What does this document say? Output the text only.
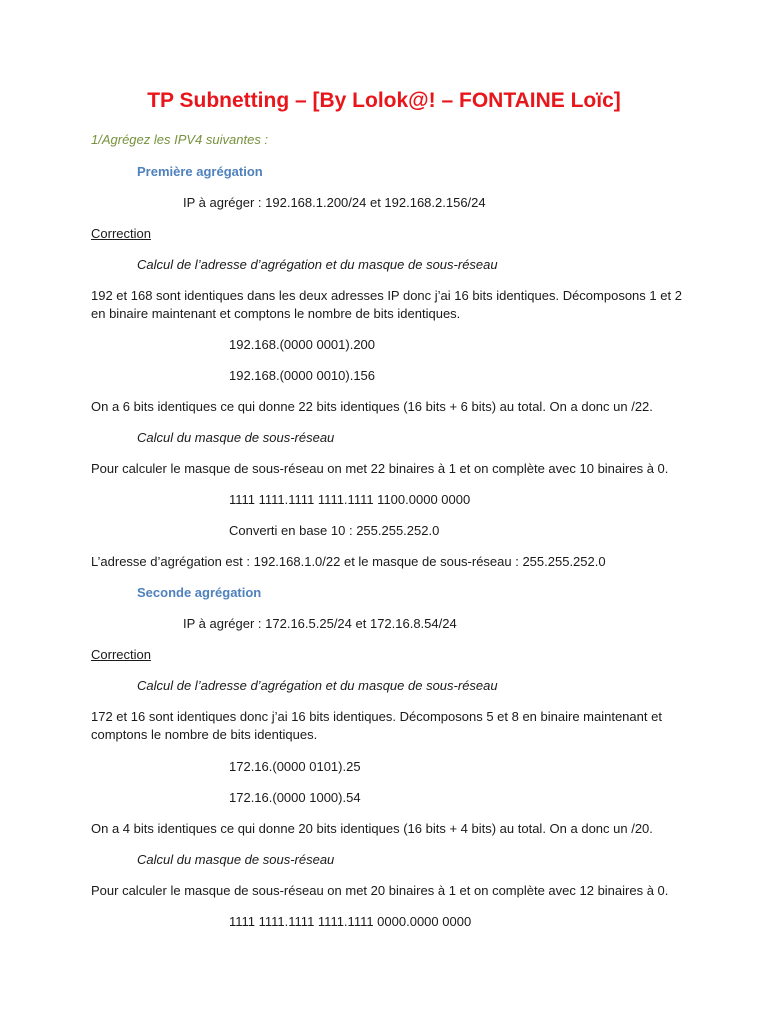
TP Subnetting – [By Lolok@! – FONTAINE Loïc]
1/Agrégez les IPV4 suivantes :
Première agrégation
IP à agréger : 192.168.1.200/24 et 192.168.2.156/24
Correction
Calcul de l’adresse d’agrégation et du masque de sous-réseau
192 et 168 sont identiques dans les deux adresses IP donc j’ai 16 bits identiques. Décomposons 1 et 2 en binaire maintenant et comptons le nombre de bits identiques.
192.168.(0000 0001).200
192.168.(0000 0010).156
On a 6 bits identiques ce qui donne 22 bits identiques (16 bits + 6 bits) au total. On a donc un /22.
Calcul du masque de sous-réseau
Pour calculer le masque de sous-réseau on met 22 binaires à 1 et on complète avec 10 binaires à 0.
1111 1111.1111 1111.1111 1100.0000 0000
Converti en base 10 : 255.255.252.0
L’adresse d’agrégation est : 192.168.1.0/22 et le masque de sous-réseau : 255.255.252.0
Seconde agrégation
IP à agréger : 172.16.5.25/24 et 172.16.8.54/24
Correction
Calcul de l’adresse d’agrégation et du masque de sous-réseau
172 et 16 sont identiques donc j’ai 16 bits identiques. Décomposons 5 et 8 en binaire maintenant et comptons le nombre de bits identiques.
172.16.(0000 0101).25
172.16.(0000 1000).54
On a 4 bits identiques ce qui donne 20 bits identiques (16 bits + 4 bits) au total. On a donc un /20.
Calcul du masque de sous-réseau
Pour calculer le masque de sous-réseau on met 20 binaires à 1 et on complète avec 12 binaires à 0.
1111 1111.1111 1111.1111 0000.0000 0000
